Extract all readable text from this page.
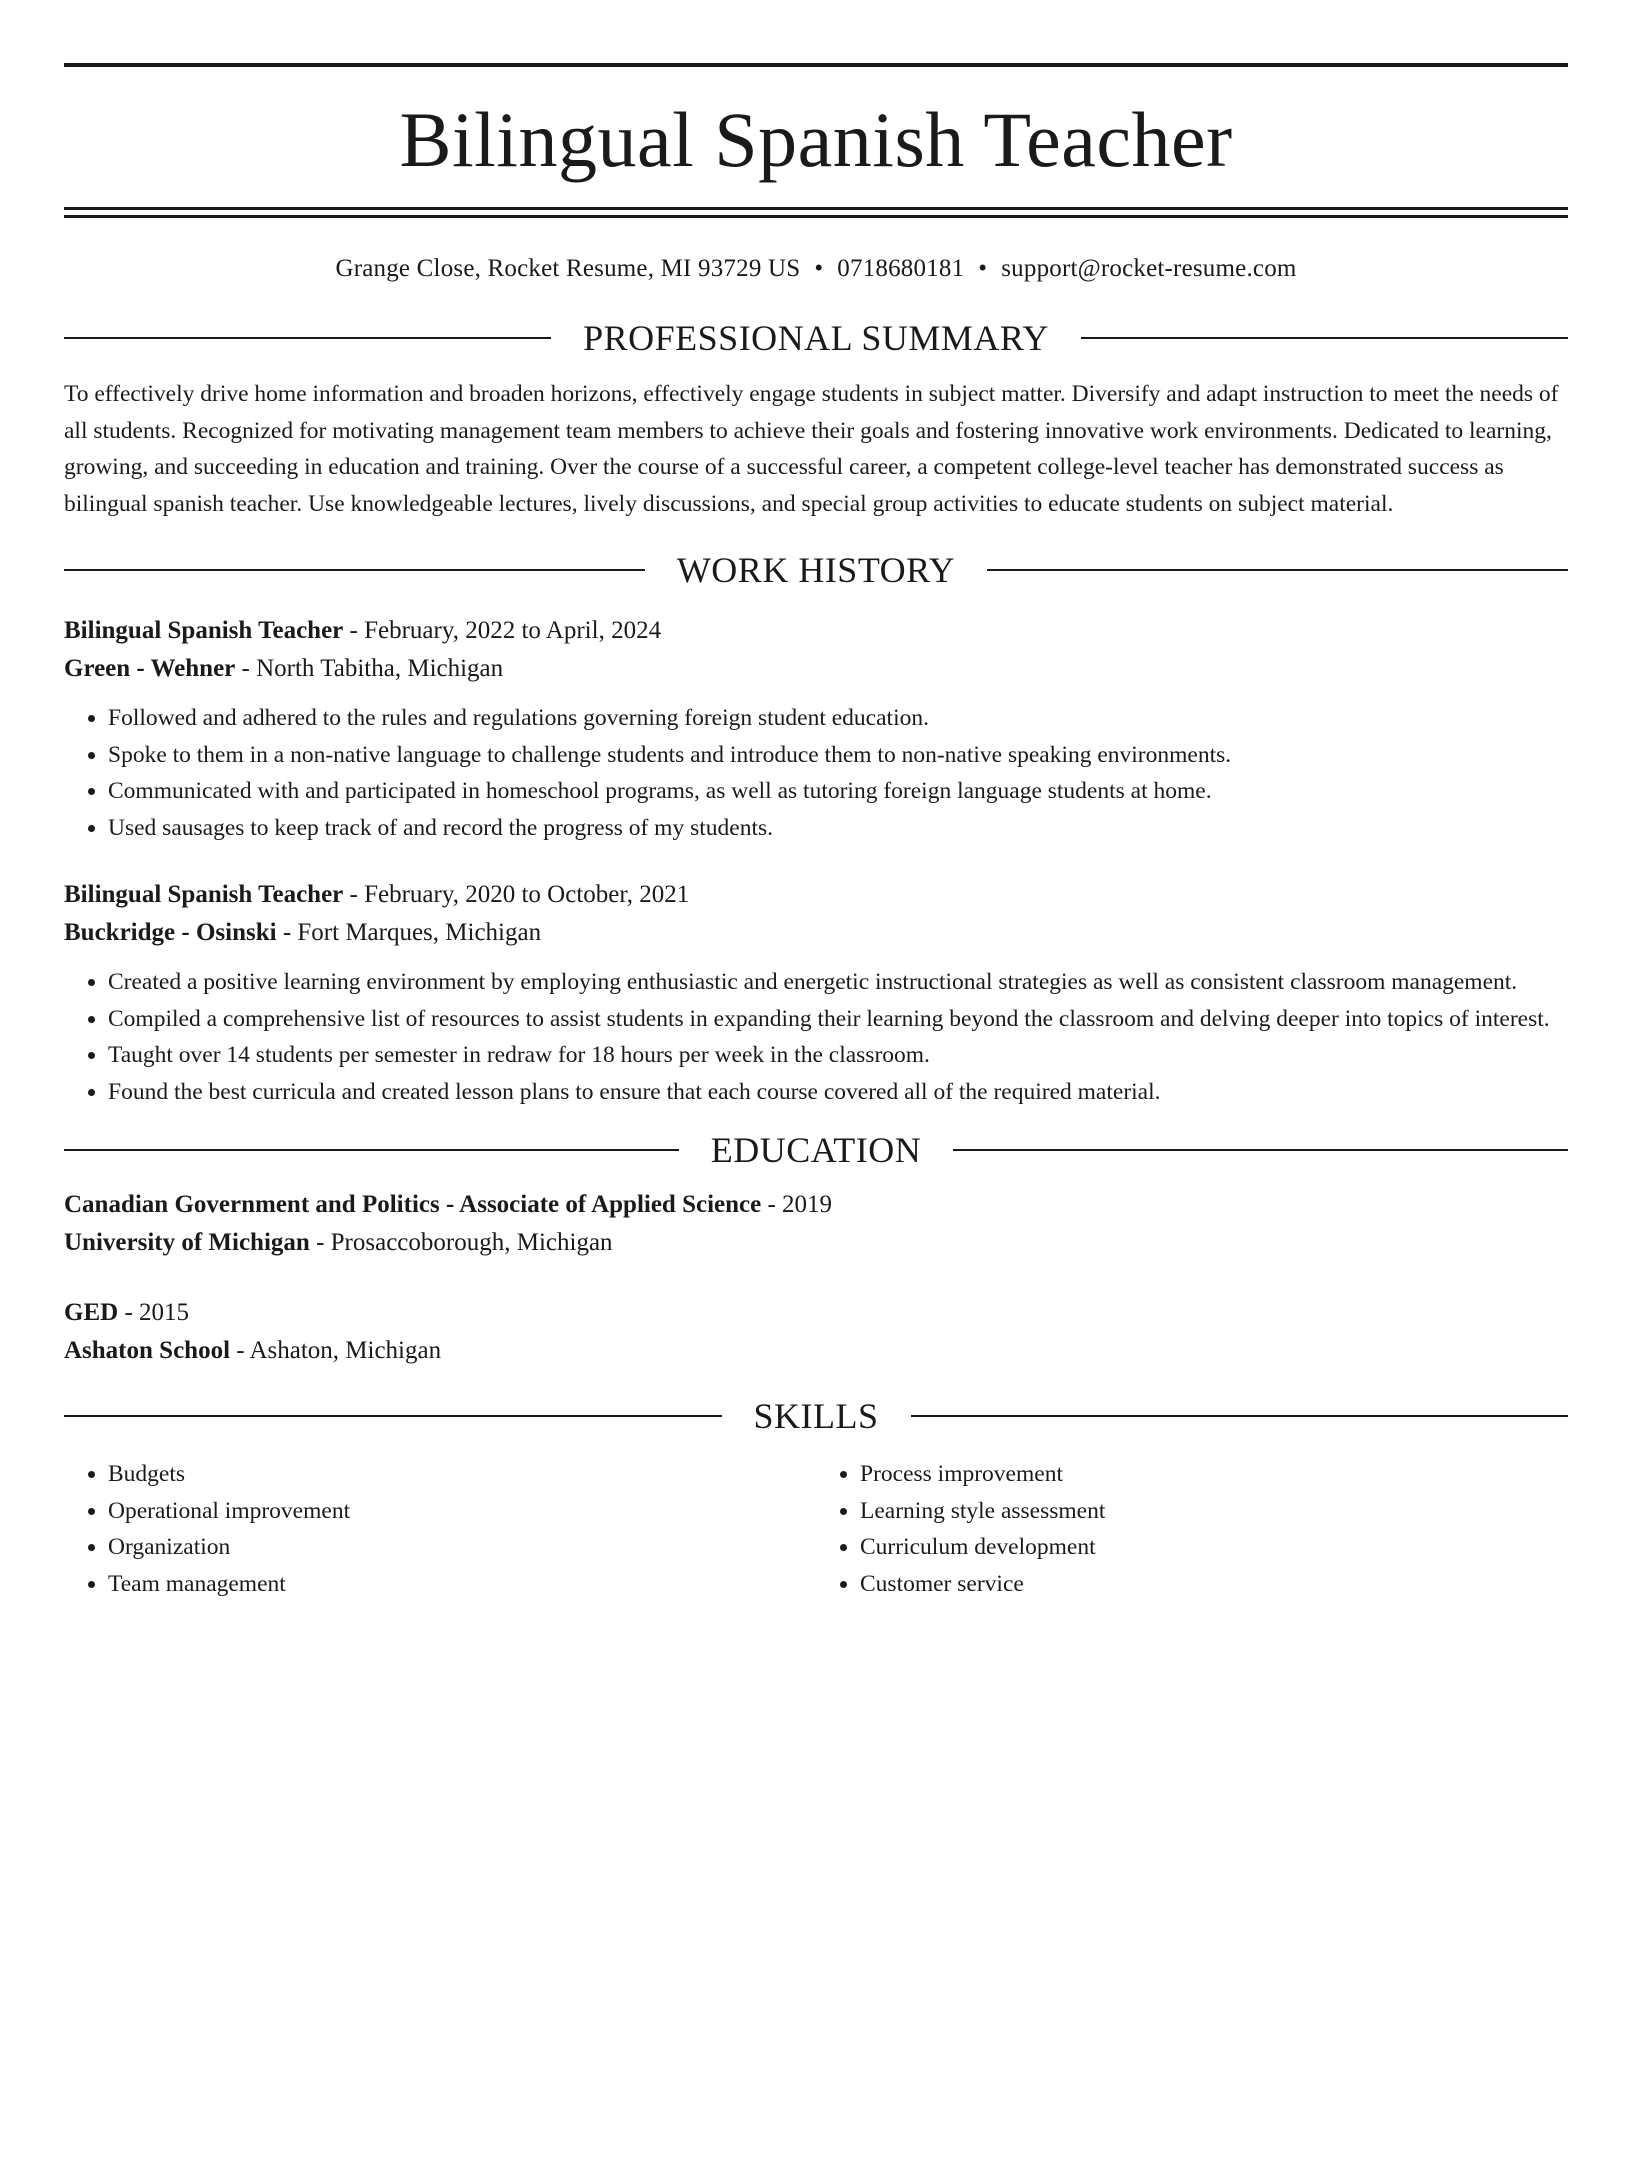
Bilingual Spanish Teacher
Grange Close, Rocket Resume, MI 93729 US • 0718680181 • support@rocket-resume.com
PROFESSIONAL SUMMARY

To effectively drive home information and broaden horizons, effectively engage students in subject matter. Diversify and adapt instruction to meet the needs of all students. Recognized for motivating management team members to achieve their goals and fostering innovative work environments. Dedicated to learning, growing, and succeeding in education and training. Over the course of a successful career, a competent college-level teacher has demonstrated success as bilingual spanish teacher. Use knowledgeable lectures, lively discussions, and special group activities to educate students on subject material.

WORK HISTORY
Bilingual Spanish Teacher - February, 2022 to April, 2024
Green - Wehner - North Tabitha, Michigan
• Followed and adhered to the rules and regulations governing foreign student education.
• Spoke to them in a non-native language to challenge students and introduce them to non-native speaking environments.
• Communicated with and participated in homeschool programs, as well as tutoring foreign language students at home.
• Used sausages to keep track of and record the progress of my students.
Bilingual Spanish Teacher - February, 2020 to October, 2021
Buckridge - Osinski - Fort Marques, Michigan
• Created a positive learning environment by employing enthusiastic and energetic instructional strategies as well as consistent classroom management.
• Compiled a comprehensive list of resources to assist students in expanding their learning beyond the classroom and delving deeper into topics of interest.
• Taught over 14 students per semester in redraw for 18 hours per week in the classroom.
• Found the best curricula and created lesson plans to ensure that each course covered all of the required material.
EDUCATION
Canadian Government and Politics - Associate of Applied Science - 2019
University of Michigan - Prosaccoborough, Michigan
GED - 2015
Ashaton School - Ashaton, Michigan
SKILLS
• Budgets
• Operational improvement
• Organization
• Team management
• Process improvement
• Learning style assessment
• Curriculum development
• Customer service
